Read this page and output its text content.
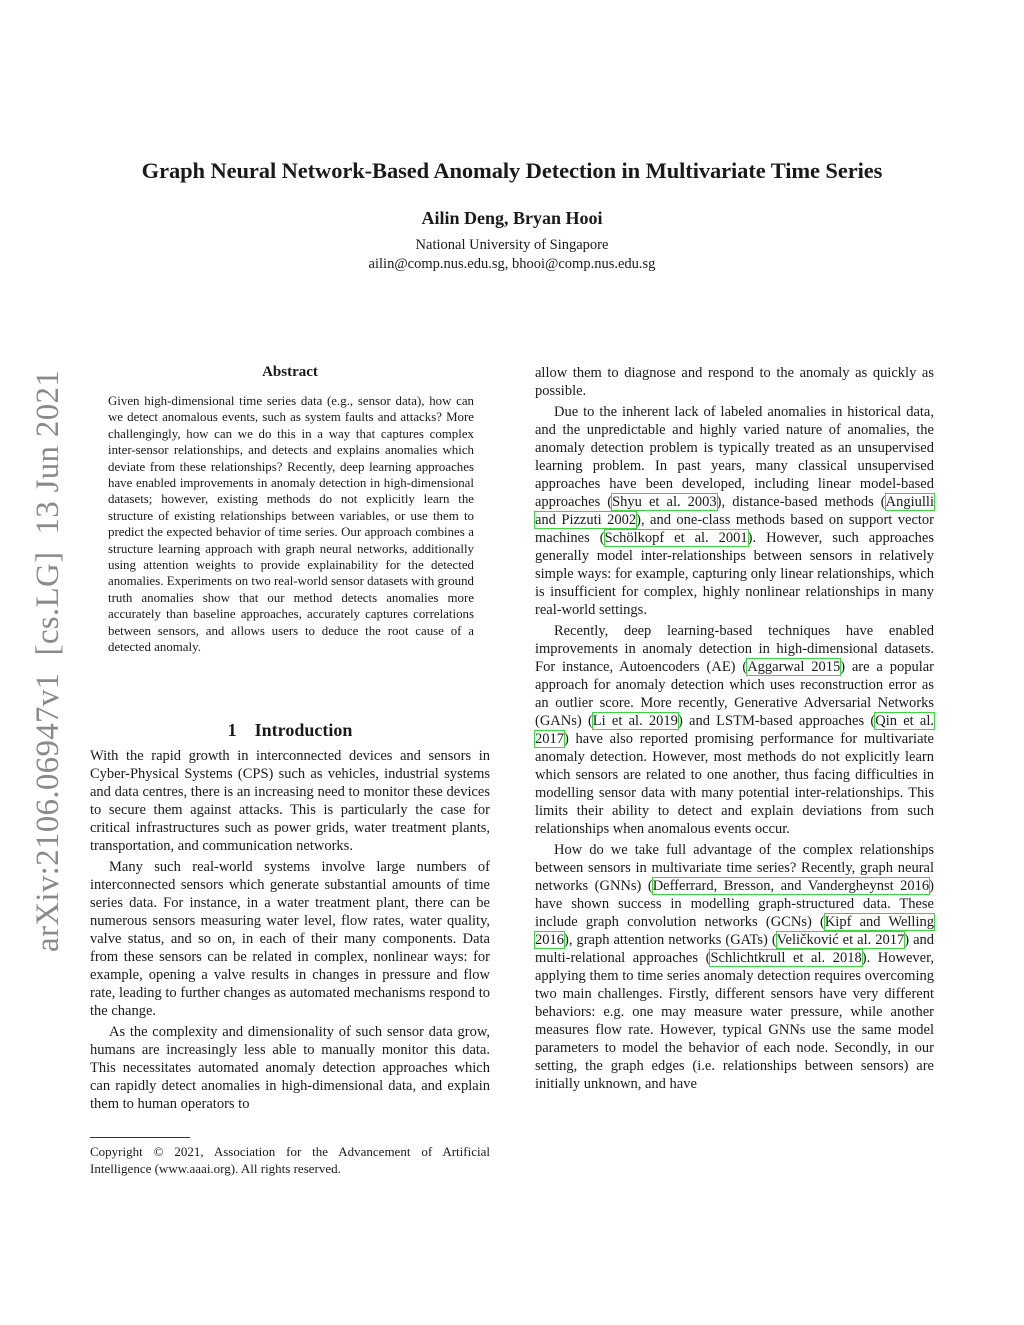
Graph Neural Network-Based Anomaly Detection in Multivariate Time Series
Ailin Deng, Bryan Hooi
National University of Singapore
ailin@comp.nus.edu.sg, bhooi@comp.nus.edu.sg
arXiv:2106.06947v1  [cs.LG]  13 Jun 2021	Abstract
Given high-dimensional time series data (e.g., sensor data), how can we detect anomalous events, such as system faults and attacks? More challengingly, how can we do this in a way that captures complex inter-sensor relationships, and detects and explains anomalies which deviate from these relationships? Recently, deep learning approaches have enabled improvements in anomaly detection in high-dimensional datasets; however, existing methods do not explicitly learn the structure of existing relationships between variables, or use them to predict the expected behavior of time series. Our approach combines a structure learning approach with graph neural networks, additionally using attention weights to provide explainability for the detected anomalies. Experiments on two real-world sensor datasets with ground truth anomalies show that our method detects anomalies more accurately than baseline approaches, accurately captures correlations between sensors, and allows users to deduce the root cause of a detected anomaly.
1 Introduction

With the rapid growth in interconnected devices and sensors in Cyber-Physical Systems (CPS) such as vehicles, industrial systems and data centres, there is an increasing need to monitor these devices to secure them against attacks. This is particularly the case for critical infrastructures such as power grids, water treatment plants, transportation, and communication networks.

Many such real-world systems involve large numbers of interconnected sensors which generate substantial amounts of time series data. For instance, in a water treatment plant, there can be numerous sensors measuring water level, flow rates, water quality, valve status, and so on, in each of their many components. Data from these sensors can be related in complex, nonlinear ways: for example, opening a valve results in changes in pressure and flow rate, leading to further changes as automated mechanisms respond to the change.

As the complexity and dimensionality of such sensor data grow, humans are increasingly less able to manually monitor this data. This necessitates automated anomaly detection approaches which can rapidly detect anomalies in high-dimensional data, and explain them to human operators to

Copyright © 2021, Association for the Advancement of Artificial Intelligence (www.aaai.org). All rights reserved.

allow them to diagnose and respond to the anomaly as quickly as possible.

Due to the inherent lack of labeled anomalies in historical data, and the unpredictable and highly varied nature of anomalies, the anomaly detection problem is typically treated as an unsupervised learning problem. In past years, many classical unsupervised approaches have been developed, including linear model-based approaches (Shyu et al. 2003), distance-based methods (Angiulli and Pizzuti 2002), and one-class methods based on support vector machines (Schölkopf et al. 2001). However, such approaches generally model inter-relationships between sensors in relatively simple ways: for example, capturing only linear relationships, which is insufficient for complex, highly nonlinear relationships in many real-world settings.

Recently, deep learning-based techniques have enabled improvements in anomaly detection in high-dimensional datasets. For instance, Autoencoders (AE) (Aggarwal 2015) are a popular approach for anomaly detection which uses reconstruction error as an outlier score. More recently, Generative Adversarial Networks (GANs) (Li et al. 2019) and LSTM-based approaches (Qin et al. 2017) have also reported promising performance for multivariate anomaly detection. However, most methods do not explicitly learn which sensors are related to one another, thus facing difficulties in modelling sensor data with many potential inter-relationships. This limits their ability to detect and explain deviations from such relationships when anomalous events occur.

How do we take full advantage of the complex relationships between sensors in multivariate time series? Recently, graph neural networks (GNNs) (Defferrard, Bresson, and Vandergheynst 2016) have shown success in modelling graph-structured data. These include graph convolution networks (GCNs) (Kipf and Welling 2016), graph attention networks (GATs) (Veličković et al. 2017) and multi-relational approaches (Schlichtkrull et al. 2018). However, applying them to time series anomaly detection requires overcoming two main challenges. Firstly, different sensors have very different behaviors: e.g. one may measure water pressure, while another measures flow rate. However, typical GNNs use the same model parameters to model the behavior of each node. Secondly, in our setting, the graph edges (i.e. relationships between sensors) are initially unknown, and have
